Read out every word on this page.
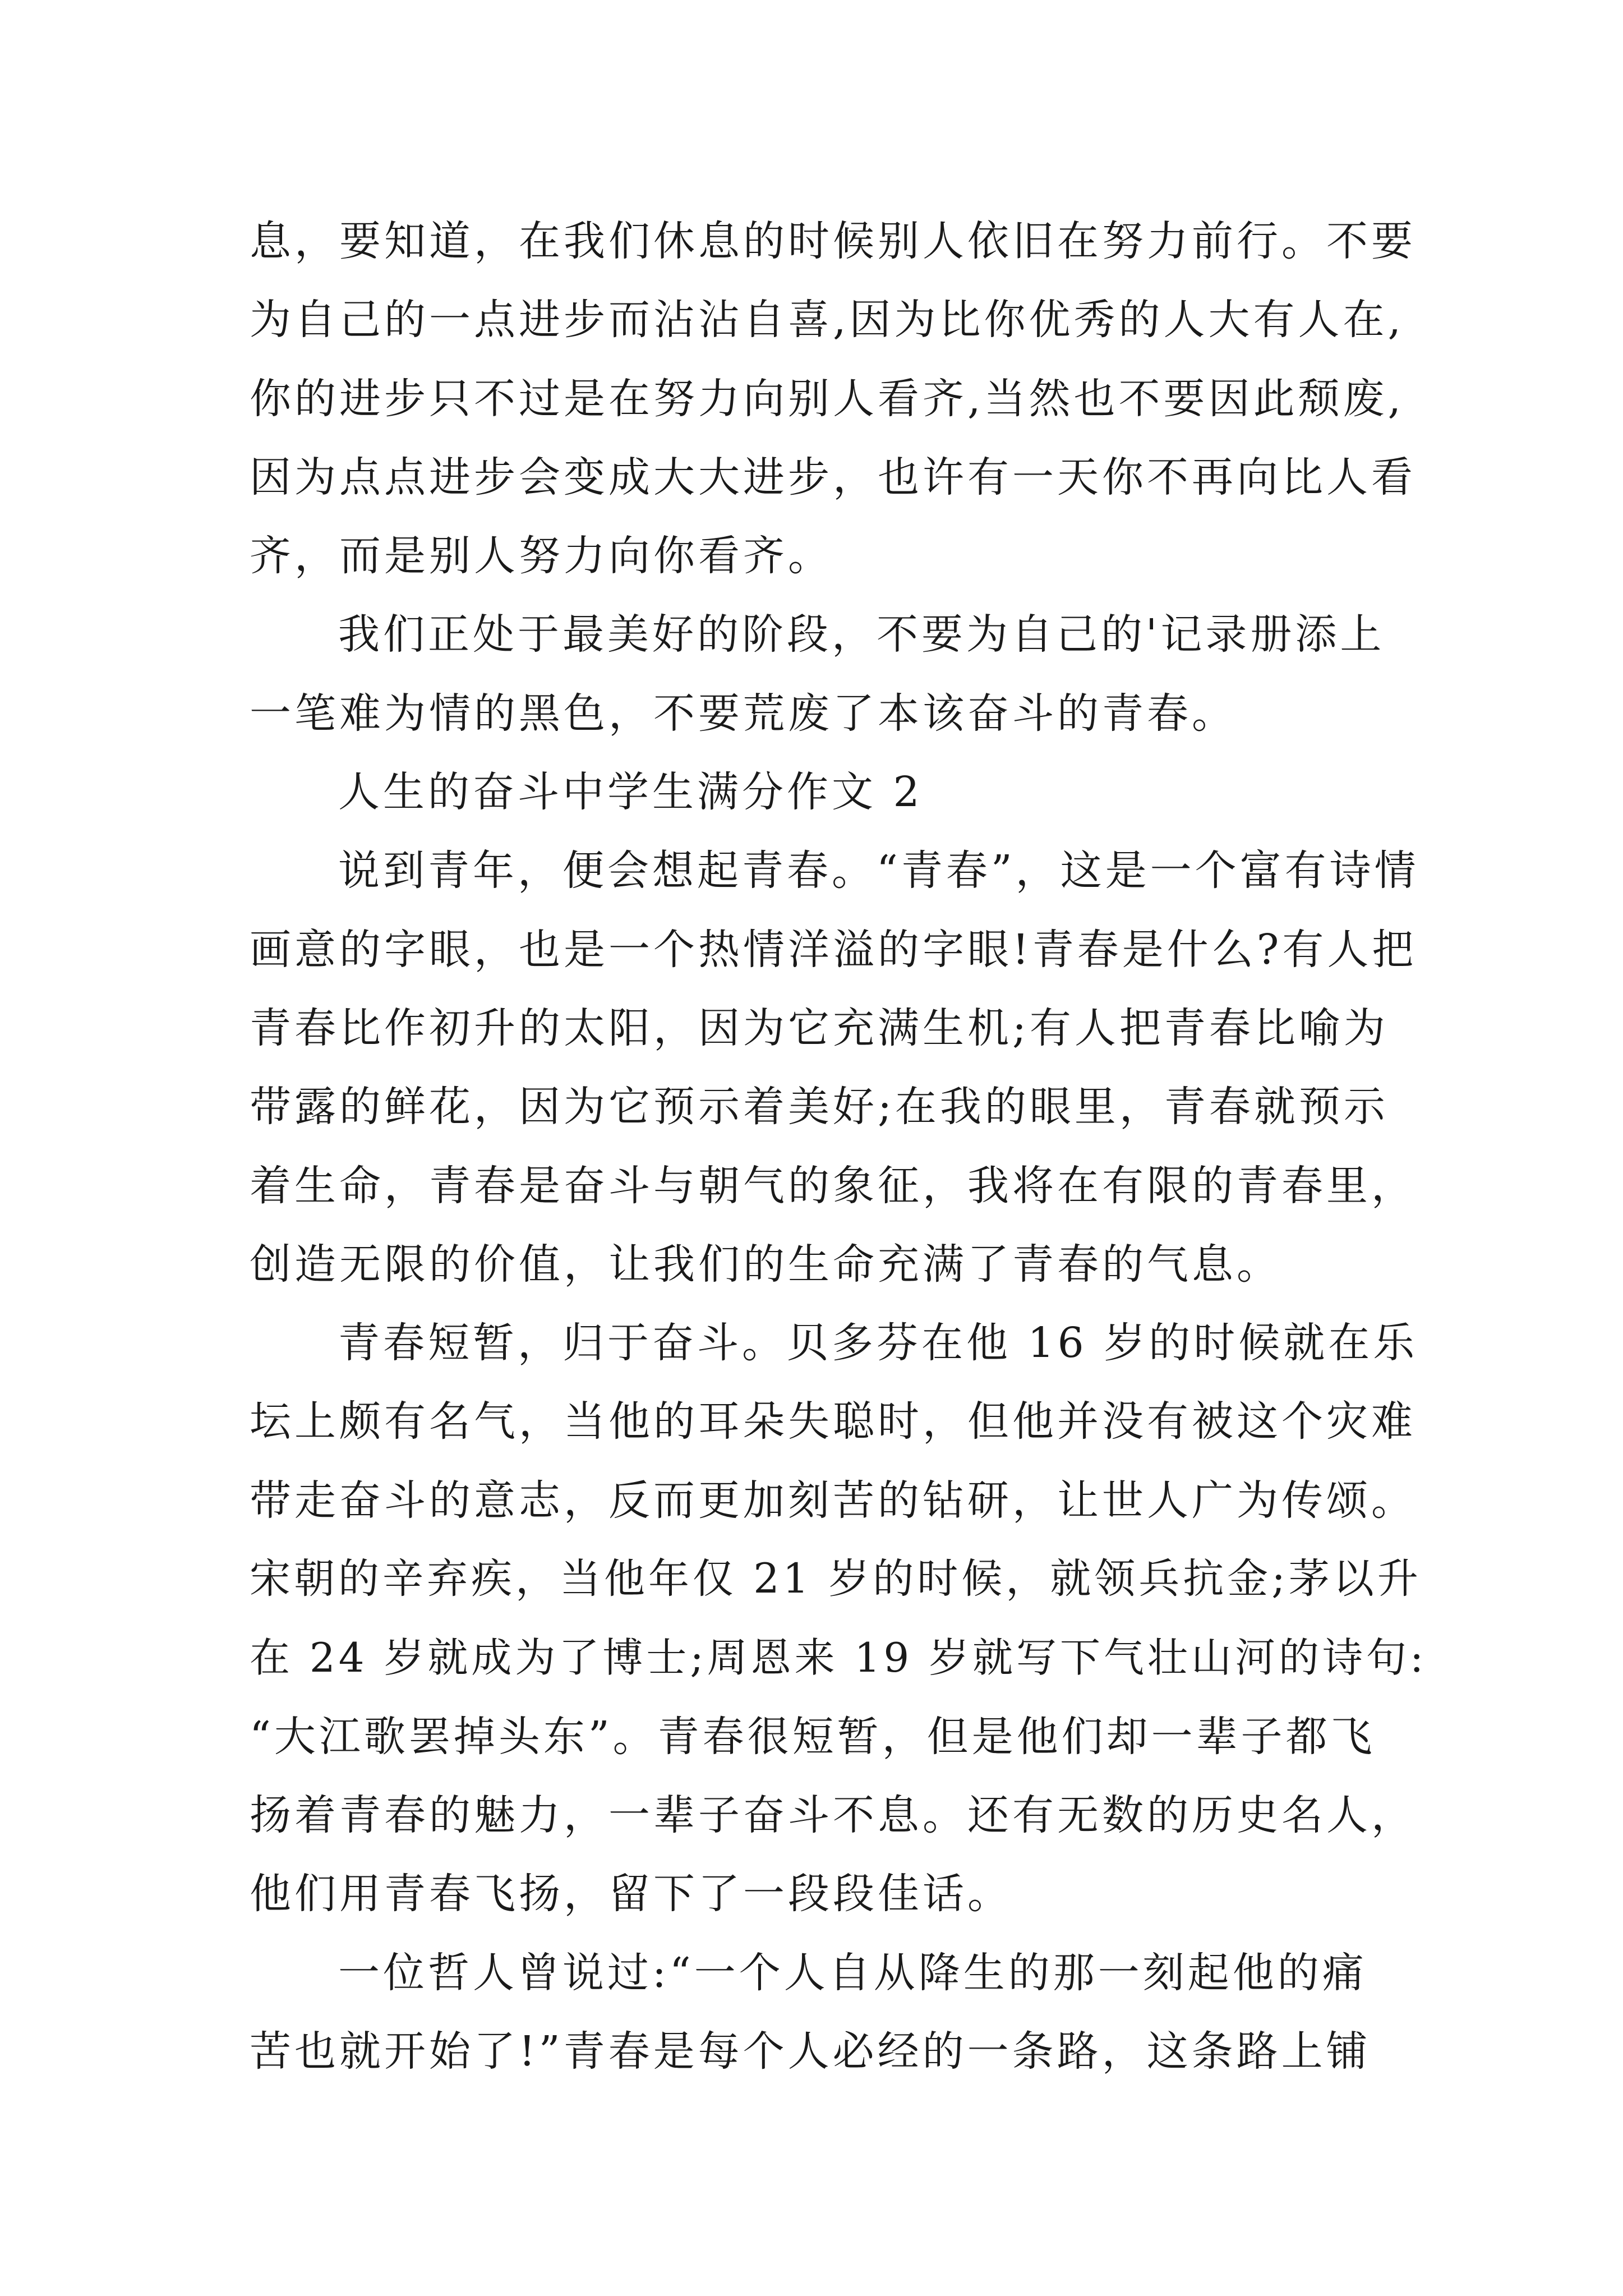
息，要知道，在我们休息的时候别人依旧在努力前行。不要
为自己的一点进步而沾沾自喜,因为比你优秀的人大有人在,
你的进步只不过是在努力向别人看齐,当然也不要因此颓废,
因为点点进步会变成大大进步，也许有一天你不再向比人看
齐，而是别人努力向你看齐。
我们正处于最美好的阶段，不要为自己的'记录册添上
一笔难为情的黑色，不要荒废了本该奋斗的青春。
人生的奋斗中学生满分作文 2
说到青年，便会想起青春。“青春”，这是一个富有诗情
画意的字眼，也是一个热情洋溢的字眼!青春是什么?有人把
青春比作初升的太阳，因为它充满生机;有人把青春比喻为
带露的鲜花，因为它预示着美好;在我的眼里，青春就预示
着生命，青春是奋斗与朝气的象征，我将在有限的青春里，
创造无限的价值，让我们的生命充满了青春的气息。
青春短暂，归于奋斗。贝多芬在他 16 岁的时候就在乐
坛上颇有名气，当他的耳朵失聪时，但他并没有被这个灾难
带走奋斗的意志，反而更加刻苦的钻研，让世人广为传颂。
宋朝的辛弃疾，当他年仅 21 岁的时候，就领兵抗金;茅以升
在 24 岁就成为了博士;周恩来 19 岁就写下气壮山河的诗句:
“大江歌罢掉头东”。青春很短暂，但是他们却一辈子都飞
扬着青春的魅力，一辈子奋斗不息。还有无数的历史名人，
他们用青春飞扬，留下了一段段佳话。
一位哲人曾说过:“一个人自从降生的那一刻起他的痛
苦也就开始了!”青春是每个人必经的一条路，这条路上铺
